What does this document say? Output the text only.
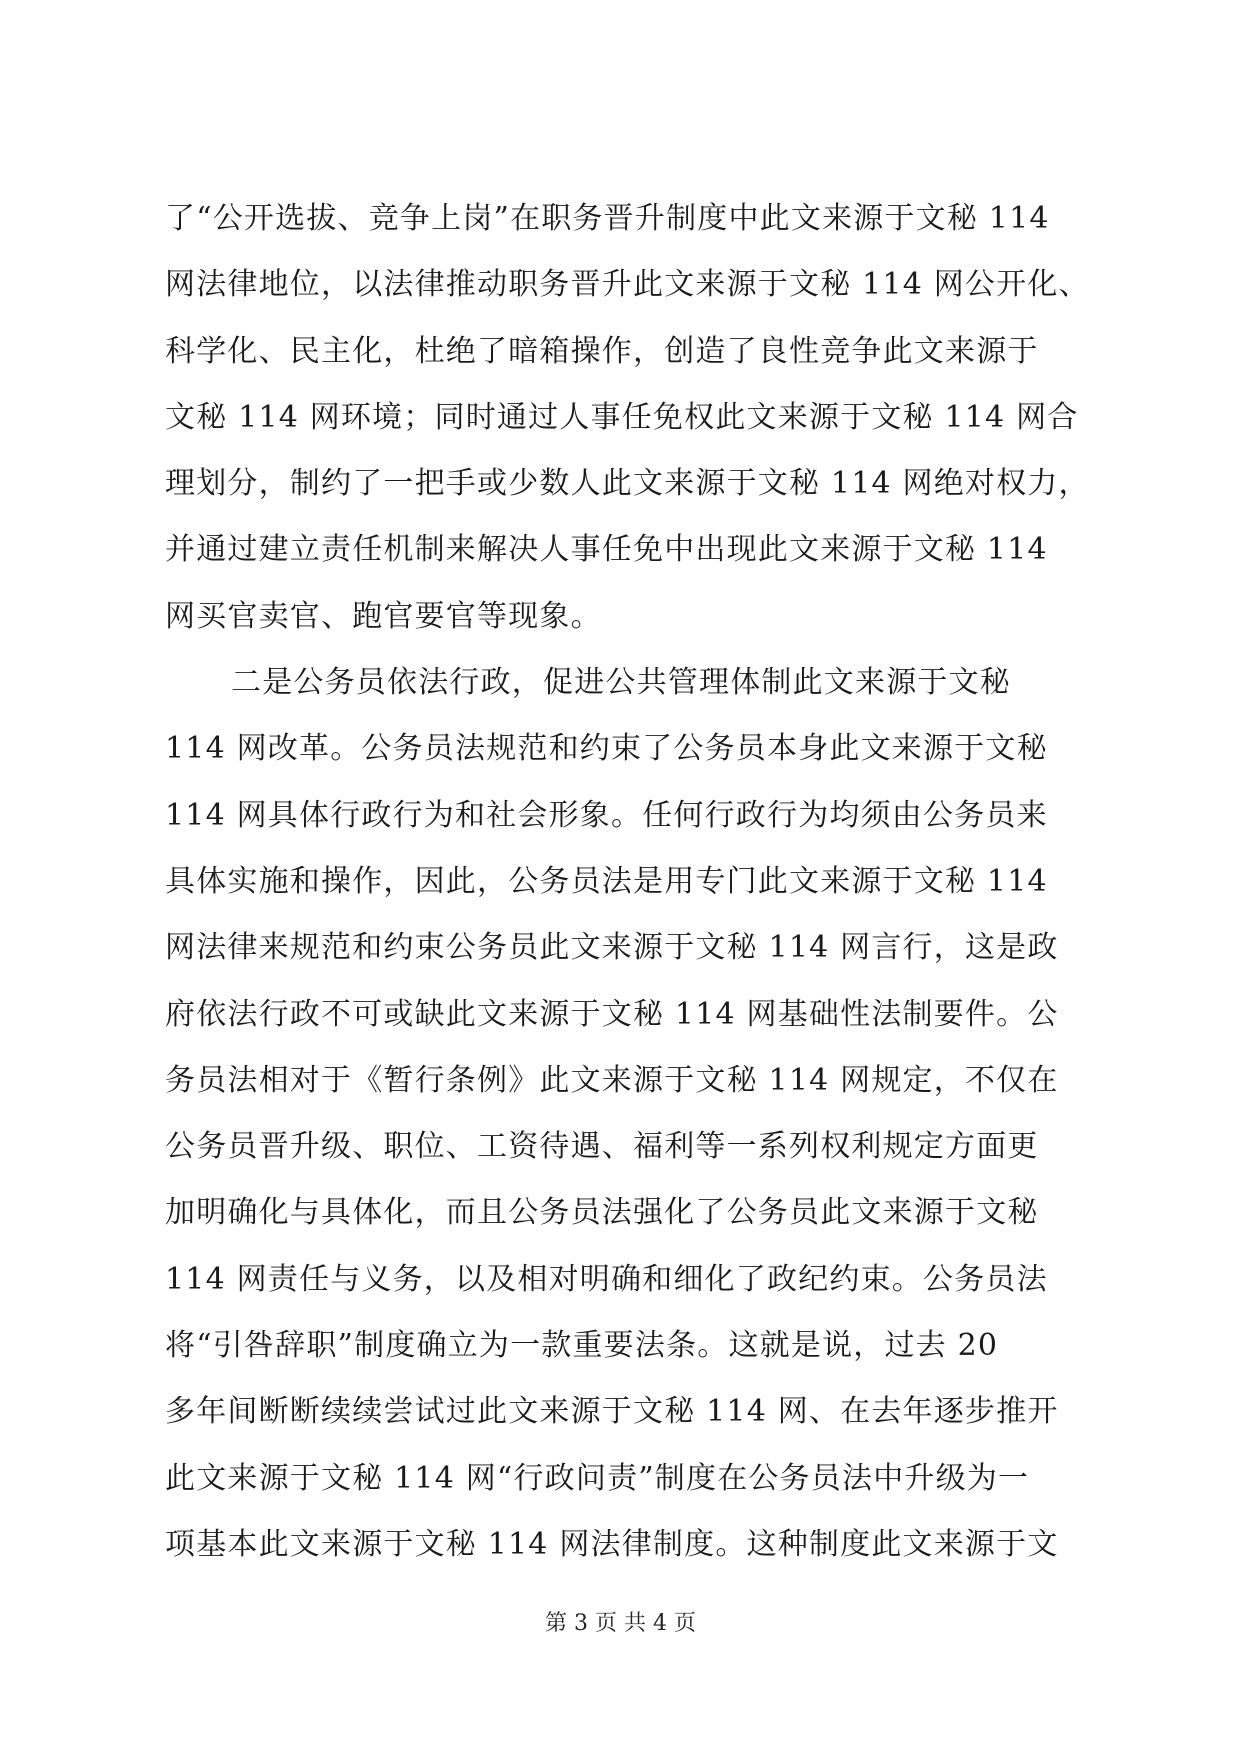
了“公开选拔、竞争上岗”在职务晋升制度中此文来源于文秘 114
网法律地位，以法律推动职务晋升此文来源于文秘 114 网公开化、
科学化、民主化，杜绝了暗箱操作，创造了良性竞争此文来源于
文秘 114 网环境；同时通过人事任免权此文来源于文秘 114 网合
理划分，制约了一把手或少数人此文来源于文秘 114 网绝对权力，
并通过建立责任机制来解决人事任免中出现此文来源于文秘 114
网买官卖官、跑官要官等现象。
二是公务员依法行政，促进公共管理体制此文来源于文秘
114 网改革。公务员法规范和约束了公务员本身此文来源于文秘
114 网具体行政行为和社会形象。任何行政行为均须由公务员来
具体实施和操作，因此，公务员法是用专门此文来源于文秘 114
网法律来规范和约束公务员此文来源于文秘 114 网言行，这是政
府依法行政不可或缺此文来源于文秘 114 网基础性法制要件。公
务员法相对于《暂行条例》此文来源于文秘 114 网规定，不仅在
公务员晋升级、职位、工资待遇、福利等一系列权利规定方面更
加明确化与具体化，而且公务员法强化了公务员此文来源于文秘
114 网责任与义务，以及相对明确和细化了政纪约束。公务员法
将“引咎辞职”制度确立为一款重要法条。这就是说，过去 20
多年间断断续续尝试过此文来源于文秘 114 网、在去年逐步推开
此文来源于文秘 114 网“行政问责”制度在公务员法中升级为一
项基本此文来源于文秘 114 网法律制度。这种制度此文来源于文
第 3 页 共 4 页
